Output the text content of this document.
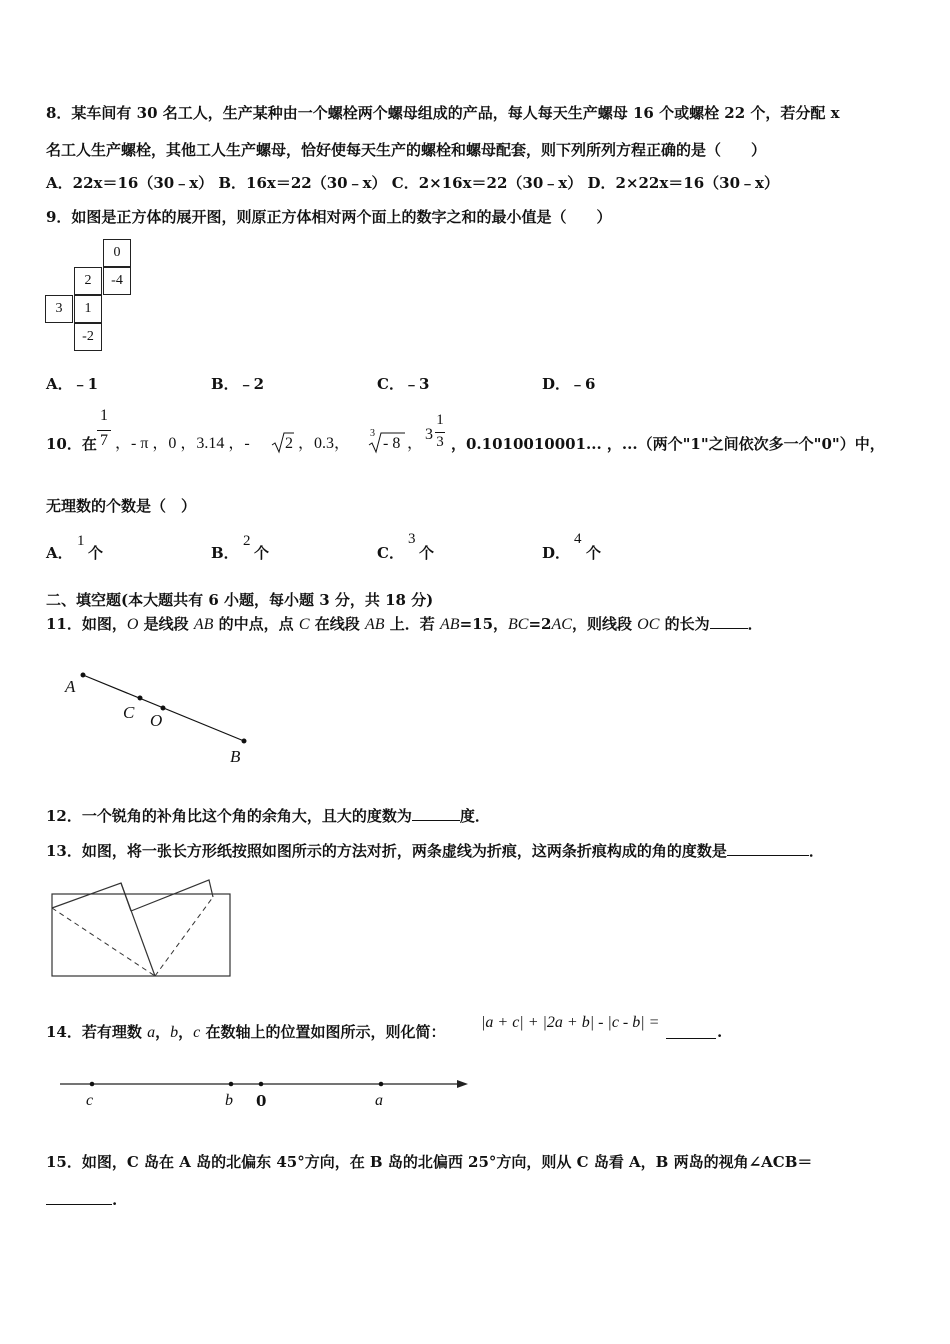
8．某车间有 30 名工人，生产某种由一个螺栓两个螺母组成的产品，每人每天生产螺母 16 个或螺栓 22 个，若分配 x
名工人生产螺栓，其他工人生产螺母，恰好使每天生产的螺栓和螺母配套，则下列所列方程正确的是（　　）
A．22x＝16（30﹣x） B．16x＝22（30﹣x） C．2×16x＝22（30﹣x） D．2×22x＝16（30﹣x）
9．如图是正方体的展开图，则原正方体相对两个面上的数字之和的最小值是（　　）
0
2	-4
3	1
-2
A．﹣1	B．﹣2	C．﹣3	D．﹣6
10．在
1
7 ，- π ，0 ，3.14 ，- 2 ，0.3，
3
- 8 ，
3
1
3 ，0.1010010001... ，...（两个"1"之间依次多一个"0"）中，
无理数的个数是（　）
A．
1
个	B．
2
个	C．
3
个	D．
4
个
二、填空题(本大题共有 6 小题，每小题 3 分，共 18 分)
11．如图，O 是线段 AB 的中点，点 C 在线段 AB 上．若 AB=15，BC=2AC，则线段 OC 的长为	．
A
C O
B
12．一个锐角的补角比这个角的余角大，且大的度数为	度．
13．如图，将一张长方形纸按照如图所示的方法对折，两条虚线为折痕，这两条折痕构成的角的度数是	．
14．若有理数 a，b，c 在数轴上的位置如图所示，则化简：
|a + c| + |2a + b| - |c - b| =
.
c	b 0	a
15．如图，C 岛在 A 岛的北偏东 45°方向，在 B 岛的北偏西 25°方向，则从 C 岛看 A，B 两岛的视角∠ACB＝
.
